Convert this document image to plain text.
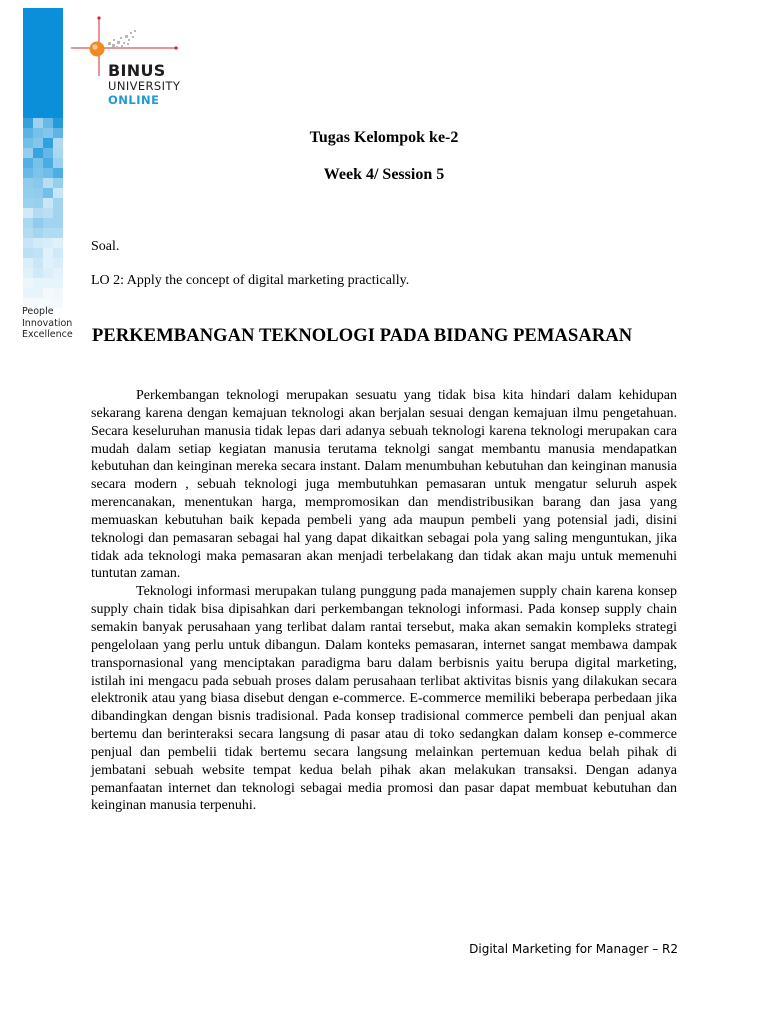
People
Innovation
Excellence
BINUS
UNIVERSITY
ONLINE
Tugas Kelompok ke-2
Week 4/ Session 5
Soal.
LO 2: Apply the concept of digital marketing practically.
PERKEMBANGAN TEKNOLOGI PADA BIDANG PEMASARAN

Perkembangan teknologi merupakan sesuatu yang tidak bisa kita hindari dalam kehidupan sekarang karena dengan kemajuan teknologi akan berjalan sesuai dengan kemajuan ilmu pengetahuan. Secara keseluruhan manusia tidak lepas dari adanya sebuah teknologi karena teknologi merupakan cara mudah dalam setiap kegiatan manusia terutama teknolgi sangat membantu manusia mendapatkan kebutuhan dan keinginan mereka secara instant. Dalam menumbuhan kebutuhan dan keinginan manusia secara modern , sebuah teknologi juga membutuhkan pemasaran untuk mengatur seluruh aspek merencanakan, menentukan harga, mempromosikan dan mendistribusikan barang dan jasa yang memuaskan kebutuhan baik kepada pembeli yang ada maupun pembeli yang potensial jadi, disini teknologi dan pemasaran sebagai hal yang dapat dikaitkan sebagai pola yang saling menguntukan, jika tidak ada teknologi maka pemasaran akan menjadi terbelakang dan tidak akan maju untuk memenuhi tuntutan zaman.

Teknologi informasi merupakan tulang punggung pada manajemen supply chain karena konsep supply chain tidak bisa dipisahkan dari perkembangan teknologi informasi. Pada konsep supply chain semakin banyak perusahaan yang terlibat dalam rantai tersebut, maka akan semakin kompleks strategi pengelolaan yang perlu untuk dibangun. Dalam konteks pemasaran, internet sangat membawa dampak transpornasional yang menciptakan paradigma baru dalam berbisnis yaitu berupa digital marketing, istilah ini mengacu pada sebuah proses dalam perusahaan terlibat aktivitas bisnis yang dilakukan secara elektronik atau yang biasa disebut dengan e-commerce. E-commerce memiliki beberapa perbedaan jika dibandingkan dengan bisnis tradisional. Pada konsep tradisional commerce pembeli dan penjual akan bertemu dan berinteraksi secara langsung di pasar atau di toko sedangkan dalam konsep e-commerce penjual dan pembelii tidak bertemu secara langsung melainkan pertemuan kedua belah pihak di jembatani sebuah website tempat kedua belah pihak akan melakukan transaksi. Dengan adanya pemanfaatan internet dan teknologi sebagai media promosi dan pasar dapat membuat kebutuhan dan keinginan manusia terpenuhi.

Digital Marketing for Manager – R2
